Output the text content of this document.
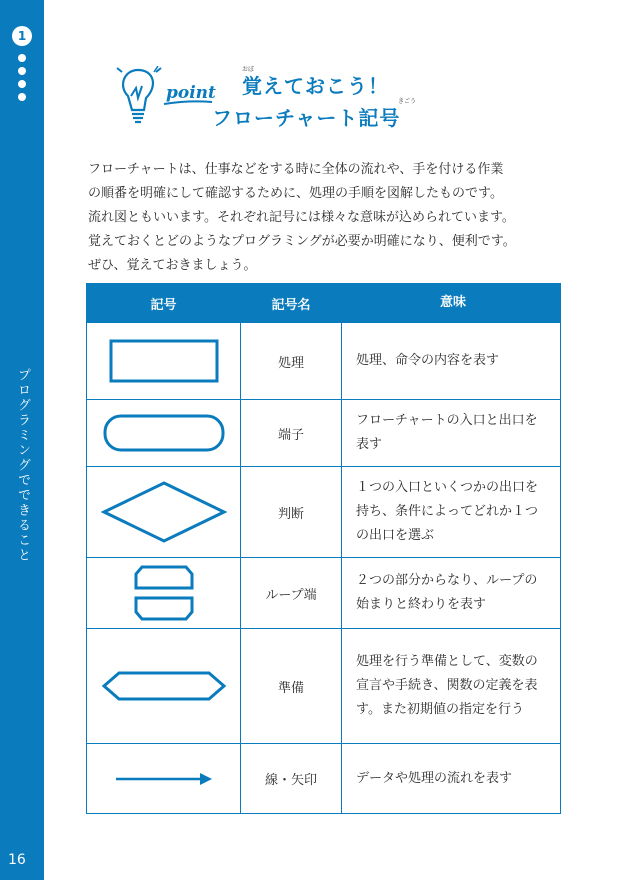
1
プログラミングでできること
16
point
おぼ
覚えておこう！
きごう
フローチャート記号
フローチャートは、仕事などをする時に全体の流れや、手を付ける作業
の順番を明確にして確認するために、処理の手順を図解したものです。
流れ図ともいいます。それぞれ記号には様々な意味が込められています。
覚えておくとどのようなプログラミングが必要か明確になり、便利です。
ぜひ、覚えておきましょう。
記号	記号名	意味

	処理	処理、命令の内容を表す

	端子	フローチャートの入口と出口を表す

	判断	１つの入口といくつかの出口を持ち、条件によってどれか１つの出口を選ぶ

	ループ端	２つの部分からなり、ループの始まりと終わりを表す

	準備	処理を行う準備として、変数の宣言や手続き、関数の定義を表す。また初期値の指定を行う

	線・矢印	データや処理の流れを表す
